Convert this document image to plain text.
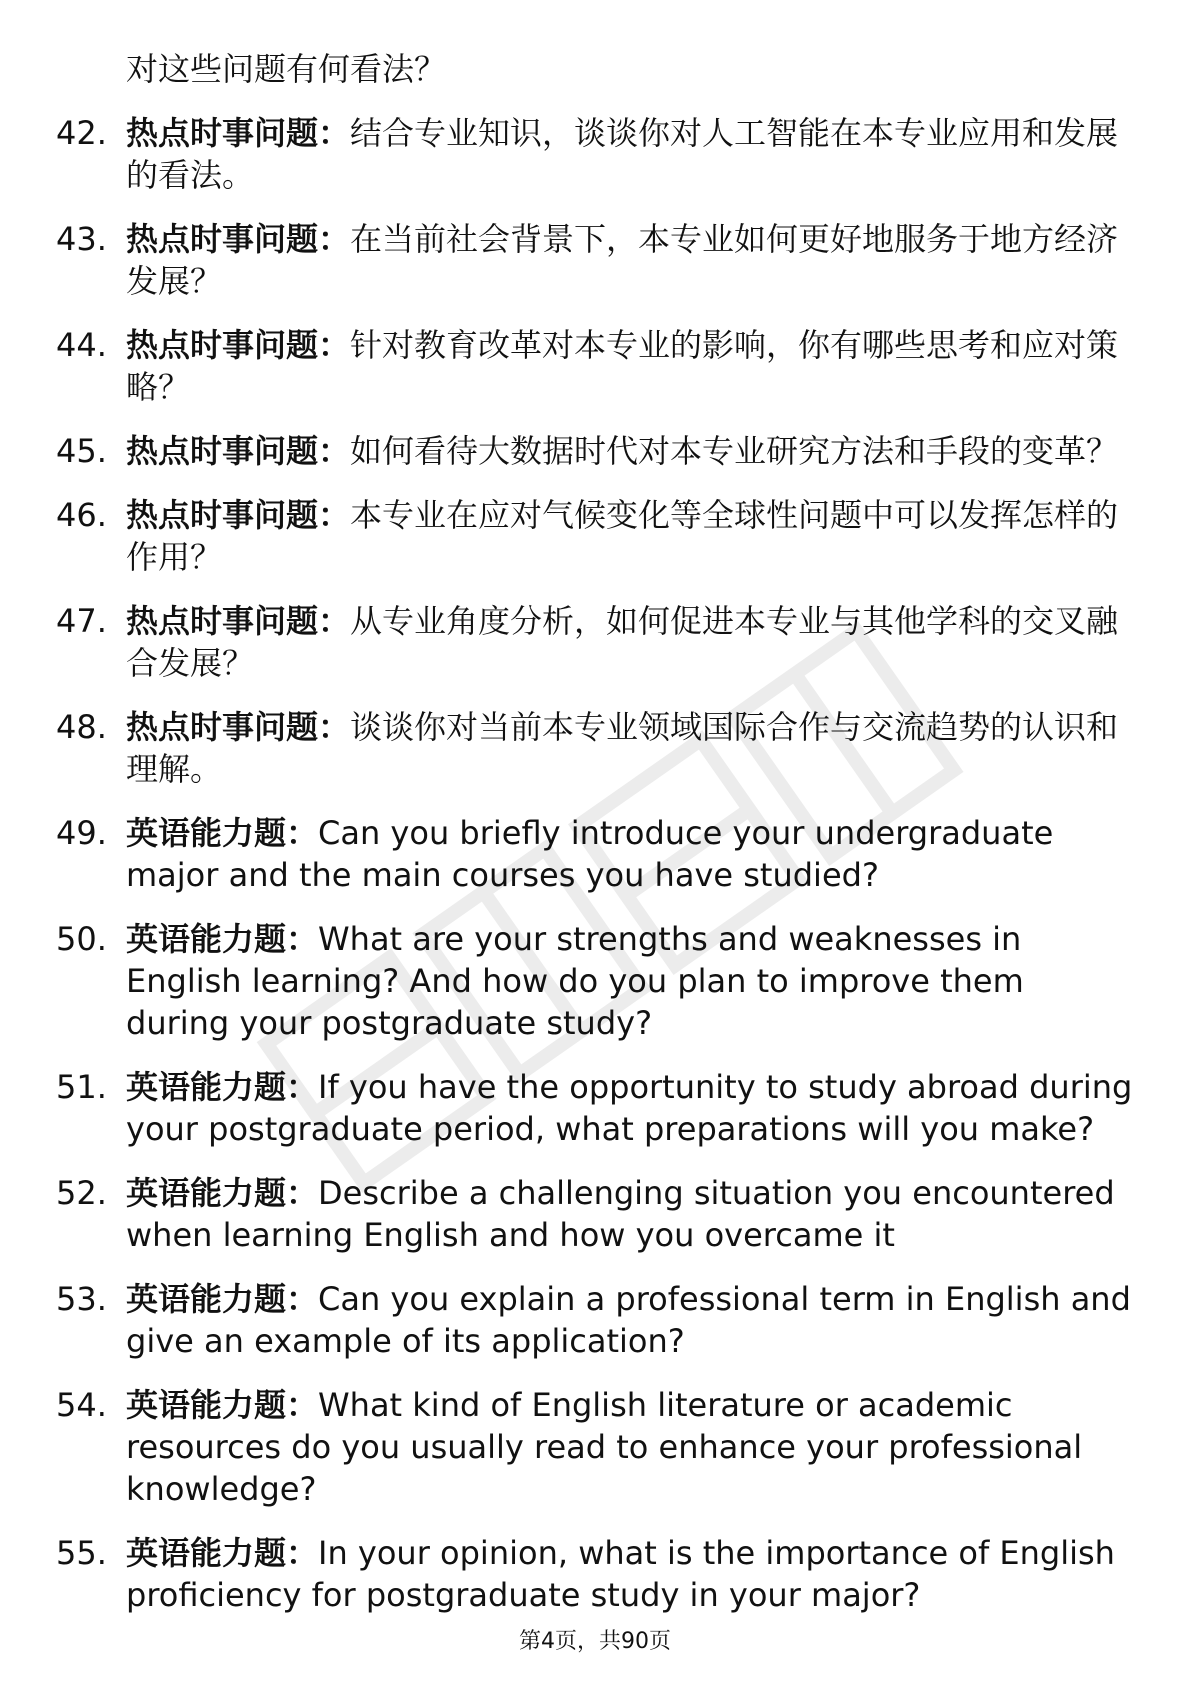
对这些问题有何看法？
42. 热点时事问题：结合专业知识，谈谈你对人工智能在本专业应用和发展的看法。
43. 热点时事问题：在当前社会背景下，本专业如何更好地服务于地方经济发展？
44. 热点时事问题：针对教育改革对本专业的影响，你有哪些思考和应对策略？
45. 热点时事问题：如何看待大数据时代对本专业研究方法和手段的变革？
46. 热点时事问题：本专业在应对气候变化等全球性问题中可以发挥怎样的作用？
47. 热点时事问题：从专业角度分析，如何促进本专业与其他学科的交叉融合发展？
48. 热点时事问题：谈谈你对当前本专业领域国际合作与交流趋势的认识和理解。
49. 英语能力题：Can you briefly introduce your undergraduate major and the main courses you have studied?
50. 英语能力题：What are your strengths and weaknesses in English learning? And how do you plan to improve them during your postgraduate study?
51. 英语能力题：If you have the opportunity to study abroad during your postgraduate period, what preparations will you make?
52. 英语能力题：Describe a challenging situation you encountered when learning English and how you overcame it
53. 英语能力题：Can you explain a professional term in English and give an example of its application?
54. 英语能力题：What kind of English literature or academic resources do you usually read to enhance your professional knowledge?
55. 英语能力题：In your opinion, what is the importance of English proficiency for postgraduate study in your major?
第4页，共90页
